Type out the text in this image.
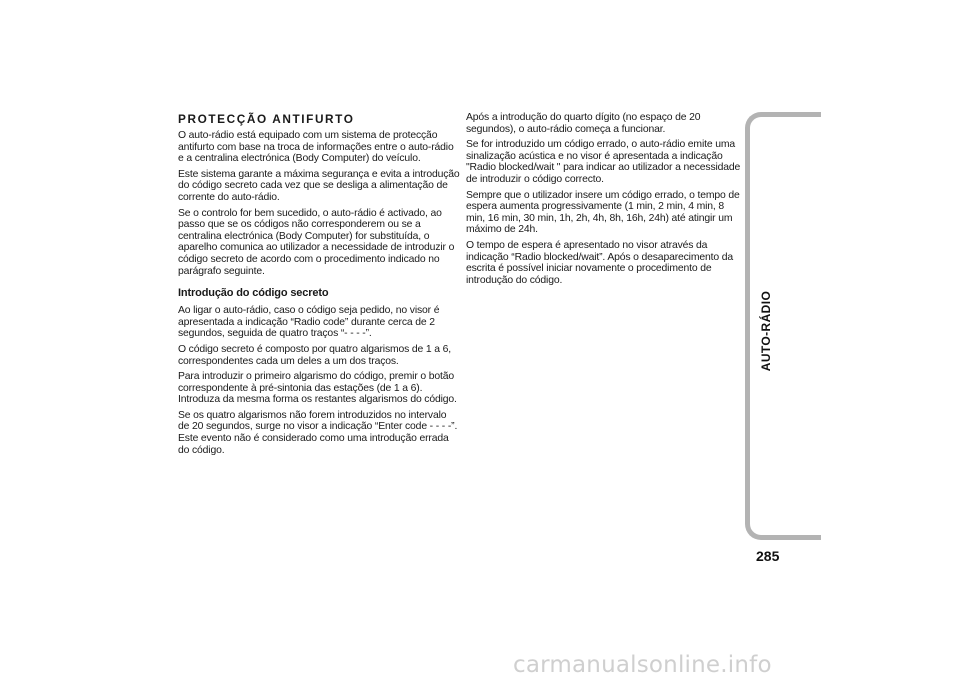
PROTECÇÃO ANTIFURTO

O auto-rádio está equipado com um sistema de protecção antifurto com base na troca de informações entre o auto-rádio e a centralina electrónica (Body Computer) do veículo.

Este sistema garante a máxima segurança e evita a introdução do código secreto cada vez que se desliga a alimentação de corrente do auto-rádio.

Se o controlo for bem sucedido, o auto-rádio é activado, ao passo que se os códigos não corresponderem ou se a centralina electrónica (Body Computer) for substituída, o aparelho comunica ao utilizador a necessidade de introduzir o código secreto de acordo com o procedimento indicado no parágrafo seguinte.

Introdução do código secreto

Ao ligar o auto-rádio, caso o código seja pedido, no visor é apresentada a indicação “Radio code” durante cerca de 2 segundos, seguida de quatro traços “- - - -”.

O código secreto é composto por quatro algarismos de 1 a 6, correspondentes cada um deles a um dos traços.

Para introduzir o primeiro algarismo do código, premir o botão correspondente à pré-sintonia das estações (de 1 a 6). Introduza da mesma forma os restantes algarismos do código.

Se os quatro algarismos não forem introduzidos no intervalo de 20 segundos, surge no visor a indicação “Enter code - - - -”. Este evento não é considerado como uma introdução errada do código.

Após a introdução do quarto dígito (no espaço de 20 segundos), o auto-rádio começa a funcionar.

Se for introduzido um código errado, o auto-rádio emite uma sinalização acústica e no visor é apresentada a indicação "Radio blocked/wait " para indicar ao utilizador a necessidade de introduzir o código correcto.

Sempre que o utilizador insere um código errado, o tempo de espera aumenta progressivamente (1 min, 2 min, 4 min, 8 min, 16 min, 30 min, 1h, 2h, 4h, 8h, 16h, 24h) até atingir um máximo de 24h.

O tempo de espera é apresentado no visor através da indicação “Radio blocked/wait”. Após o desaparecimento da escrita é possível iniciar novamente o procedimento de introdução do código.

AUTO-RÁDIO
285
carmanualsonline.info
